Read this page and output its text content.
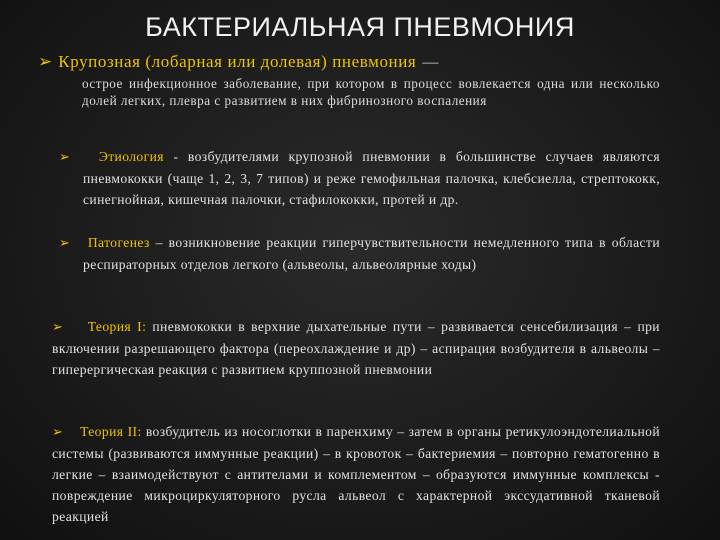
БАКТЕРИАЛЬНАЯ ПНЕВМОНИЯ
➢ Крупозная (лобарная или долевая) пневмония —
острое инфекционное заболевание, при котором в процесс вовлекается одна или несколько долей легких, плевра с развитием в них фибринозного воспаления
➢ Этиология - возбудителями крупозной пневмонии в большинстве случаев являются пневмококки (чаще 1, 2, 3, 7 типов) и реже гемофильная палочка, клебсиелла, стрептококк, синегнойная, кишечная палочки, стафилококки, протей и др.
➢ Патогенез – возникновение реакции гиперчувствительности немедленного типа в области респираторных отделов легкого (альвеолы, альвеолярные ходы)
➢ Теория I: пневмококки в верхние дыхательные пути – развивается сенсебилизация – при включении разрешающего фактора (переохлаждение и др) – аспирация возбудителя в альвеолы – гиперергическая реакция с развитием круппозной пневмонии
➢ Теория II: возбудитель из носоглотки в паренхиму – затем в органы ретикулоэндотелиальной системы (развиваются иммунные реакции) – в кровоток – бактериемия – повторно гематогенно в легкие – взаимодействуют с антителами и комплементом – образуются иммунные комплексы - повреждение микроциркуляторного русла альвеол с характерной экссудативной тканевой реакцией
